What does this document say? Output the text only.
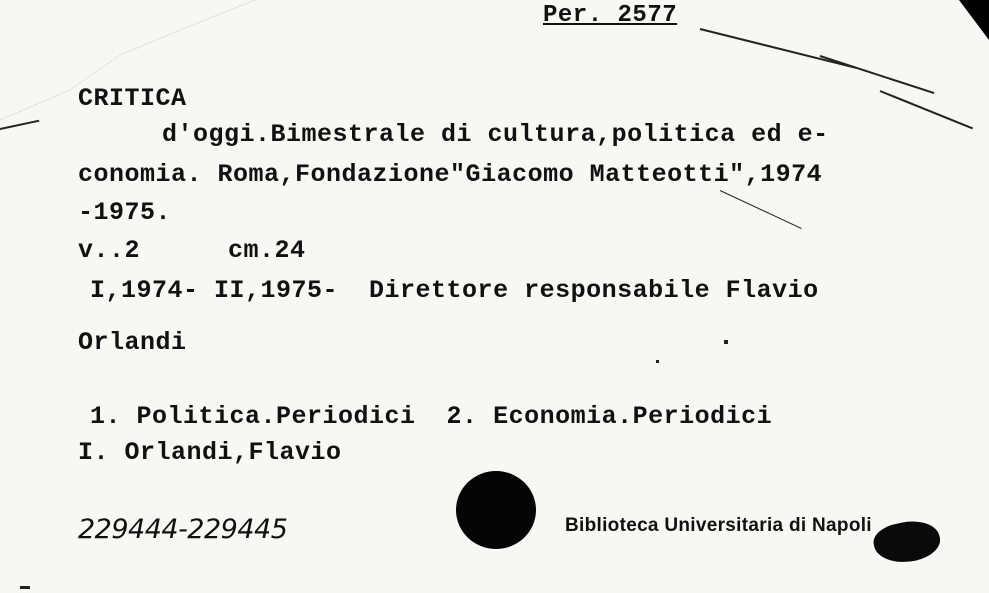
Per. 2577
CRITICA
d'oggi.Bimestrale di cultura,politica ed e-
conomia. Roma,Fondazione"Giacomo Matteotti",1974
-1975.
v..2	cm.24
I,1974- II,1975-  Direttore responsabile Flavio
Orlandi
1. Politica.Periodici  2. Economia.Periodici
I. Orlandi,Flavio
229444-229445	Biblioteca Universitaria di Napoli
